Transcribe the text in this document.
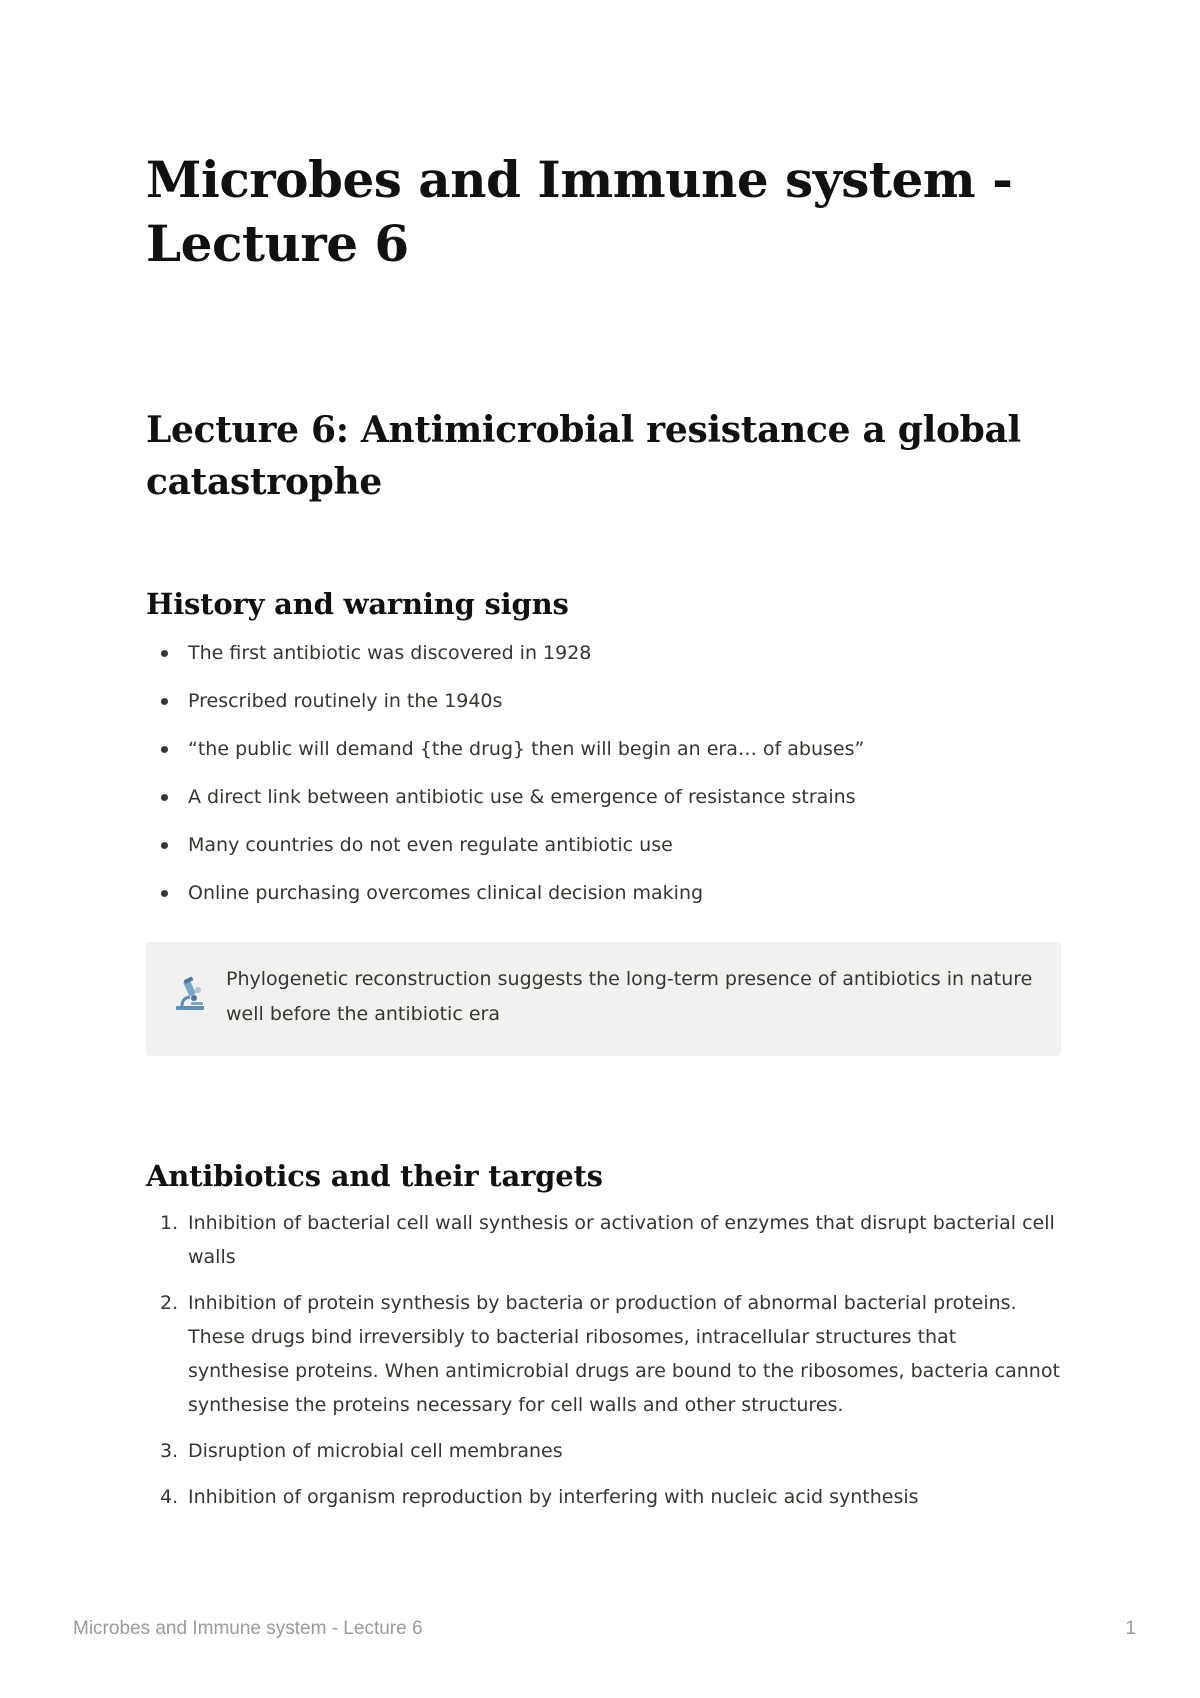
Microbes and Immune system - Lecture 6
Lecture 6: Antimicrobial resistance a global catastrophe
History and warning signs
The first antibiotic was discovered in 1928
Prescribed routinely in the 1940s
“the public will demand {the drug} then will begin an era… of abuses”
A direct link between antibiotic use & emergence of resistance strains
Many countries do not even regulate antibiotic use
Online purchasing overcomes clinical decision making
Phylogenetic reconstruction suggests the long-term presence of antibiotics in nature well before the antibiotic era
Antibiotics and their targets
1. Inhibition of bacterial cell wall synthesis or activation of enzymes that disrupt bacterial cell walls
2. Inhibition of protein synthesis by bacteria or production of abnormal bacterial proteins. These drugs bind irreversibly to bacterial ribosomes, intracellular structures that synthesise proteins. When antimicrobial drugs are bound to the ribosomes, bacteria cannot synthesise the proteins necessary for cell walls and other structures.
3. Disruption of microbial cell membranes
4. Inhibition of organism reproduction by interfering with nucleic acid synthesis
Microbes and Immune system - Lecture 6	1
